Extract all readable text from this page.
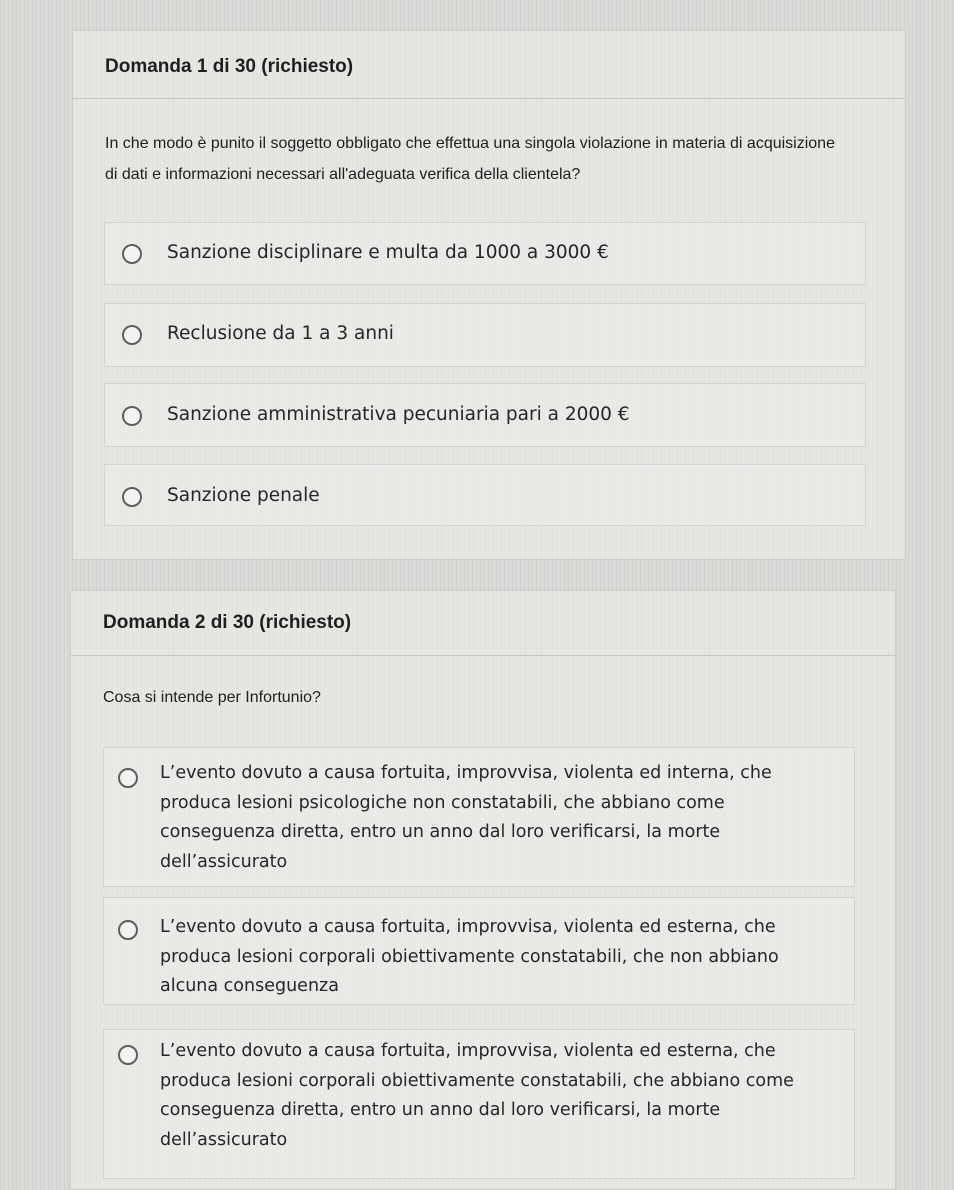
Domanda 1 di 30 (richiesto)
In che modo è punito il soggetto obbligato che effettua una singola violazione in materia di acquisizione di dati e informazioni necessari all'adeguata verifica della clientela?
Sanzione disciplinare e multa da 1000 a 3000 €
Reclusione da 1 a 3 anni
Sanzione amministrativa pecuniaria pari a 2000 €
Sanzione penale
Domanda 2 di 30 (richiesto)
Cosa si intende per Infortunio?
L’evento dovuto a causa fortuita, improvvisa, violenta ed interna, che produca lesioni psicologiche non constatabili, che abbiano come conseguenza diretta, entro un anno dal loro verificarsi, la morte dell’assicurato
L’evento dovuto a causa fortuita, improvvisa, violenta ed esterna, che produca lesioni corporali obiettivamente constatabili, che non abbiano alcuna conseguenza
L’evento dovuto a causa fortuita, improvvisa, violenta ed esterna, che produca lesioni corporali obiettivamente constatabili, che abbiano come conseguenza diretta, entro un anno dal loro verificarsi, la morte dell’assicurato
